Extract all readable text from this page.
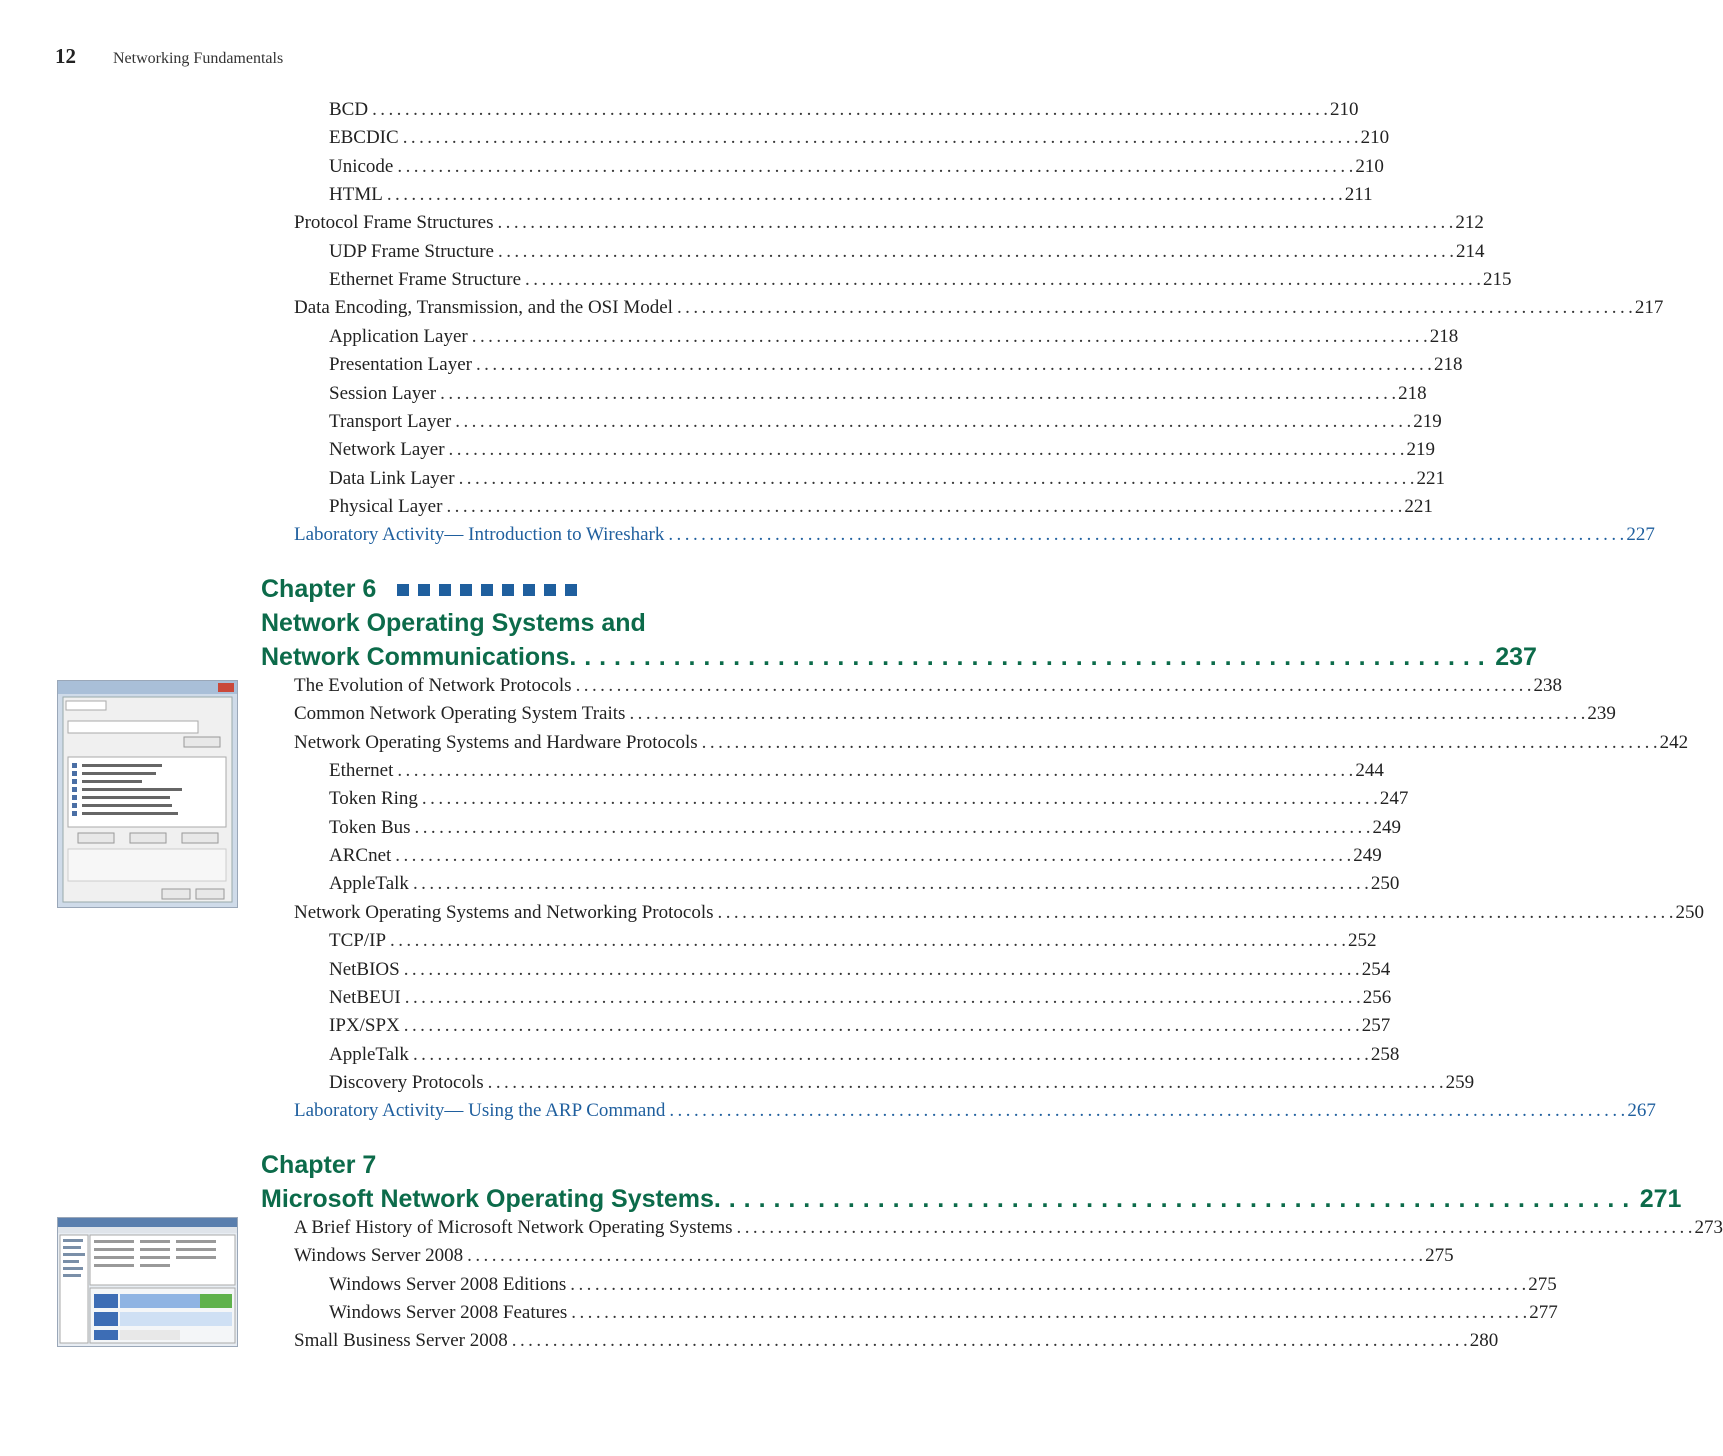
12	Networking Fundamentals
BCD . . .	210
EBCDIC . . .	210
Unicode . . .	210
HTML . . .	211
Protocol Frame Structures . . .	212
UDP Frame Structure . . .	214
Ethernet Frame Structure . . .	215
Data Encoding, Transmission, and the OSI Model . . .	217
Application Layer . . .	218
Presentation Layer . . .	218
Session Layer . . .	218
Transport Layer . . .	219
Network Layer . . .	219
Data Link Layer . . .	221
Physical Layer . . .	221
Laboratory Activity— Introduction to Wireshark . . .	227
Chapter 6
Network Operating Systems and
Network Communications . . .	237
The Evolution of Network Protocols . . .	238
Common Network Operating System Traits . . .	239
Network Operating Systems and Hardware Protocols . . .	242
Ethernet . . .	244
Token Ring . . .	247
Token Bus . . .	249
ARCnet . . .	249
AppleTalk . . .	250
Network Operating Systems and Networking Protocols . . .	250
TCP/IP . . .	252
NetBIOS . . .	254
NetBEUI . . .	256
IPX/SPX . . .	257
AppleTalk . . .	258
Discovery Protocols . . .	259
Laboratory Activity— Using the ARP Command . . .	267
Chapter 7
Microsoft Network Operating Systems . . .	271
A Brief History of Microsoft Network Operating Systems . . .	273
Windows Server 2008 . . .	275
Windows Server 2008 Editions . . .	275
Windows Server 2008 Features . . .	277
Small Business Server 2008 . . .	280
